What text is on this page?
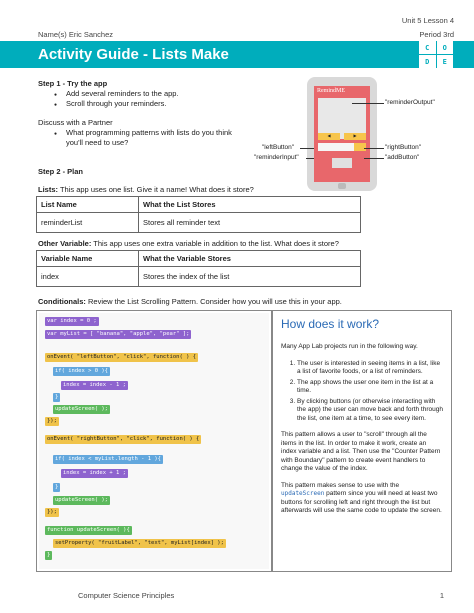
Unit 5 Lesson 4
Name(s) Eric Sanchez	Period 3rd
Activity Guide - Lists Make	C	O
D	E
Step 1 - Try the app
● Add several reminders to the app.
● Scroll through your reminders.
Discuss with a Partner
● What programming patterns with lists do you think
you'll need to use?
RemindME
◀	▶
"reminderOutput"
"leftButton"	"rightButton"
"reminderInput"	"addButton"
Step 2 - Plan
Lists: This app uses one list. Give it a name! What does it store?
List Name	What the List Stores
reminderList	Stores all reminder text
Other Variable: This app uses one extra variable in addition to the list. What does it store?
Variable Name	What the Variable Stores
index	Stores the index of the list
Conditionals: Review the List Scrolling Pattern. Consider how you will use this in your app.
var index = 0 ;
var myList = [ "banana", "apple", "pear" ];
onEvent( "leftButton", "click", function( ) {
if( index > 0 ){
index = index - 1 ;
}
updateScreen( );
});
onEvent( "rightButton", "click", function( ) {
if( index < myList.length - 1 ){
index = index + 1 ;
}
updateScreen( );
});
function updateScreen( ){
setProperty( "fruitLabel", "text", myList[index] );
}
How does it work?
Many App Lab projects run in the following way.
1. The user is interested in seeing items in a list, like a list of favorite foods, or a list of reminders.
2. The app shows the user one item in the list at a time.
3. By clicking buttons (or otherwise interacting with the app) the user can move back and forth through the list, one item at a time, to see every item.
This pattern allows a user to "scroll" through all the items in the list. In order to make it work, create an index variable and a list. Then use the "Counter Pattern with Boundary" pattern to create event handlers to change the value of the index.
This pattern makes sense to use with the updateScreen pattern since you will need at least two buttons for scrolling left and right through the list but afterwards will use the same code to update the screen.
Computer Science Principles	1
